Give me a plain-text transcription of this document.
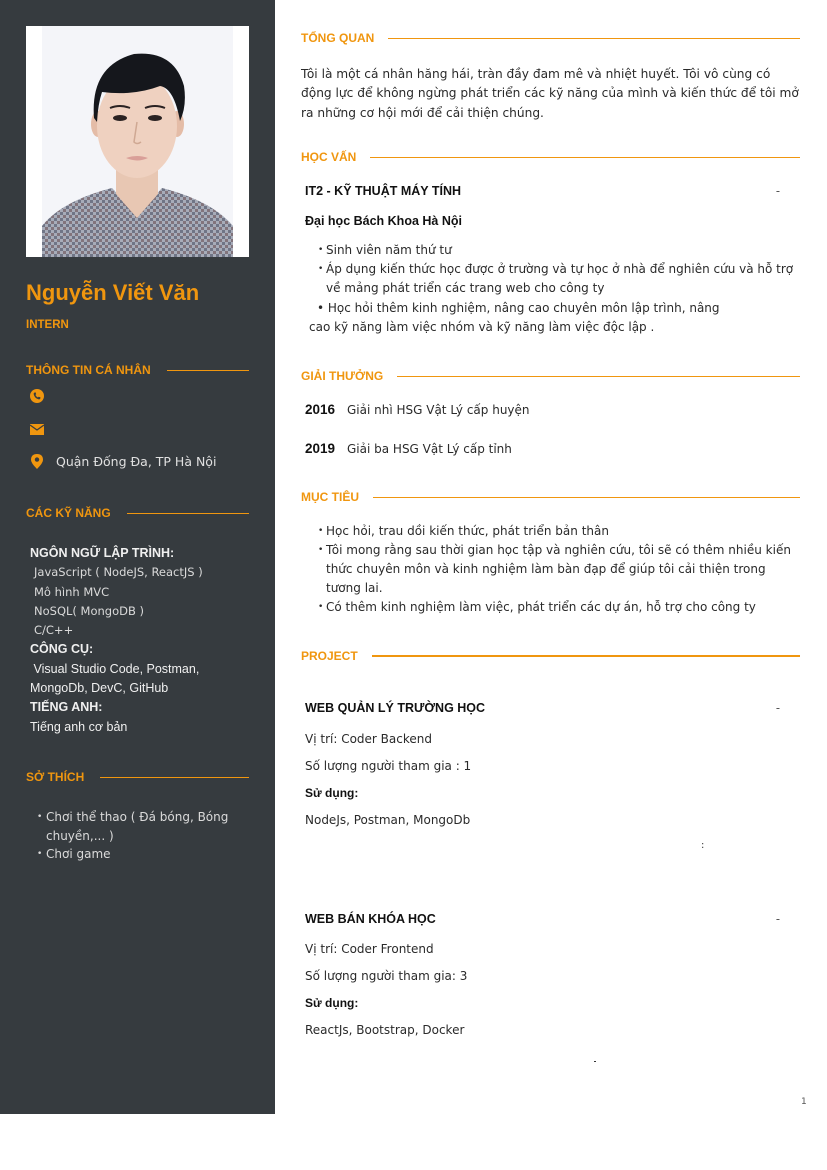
Nguyễn Viết Văn
INTERN
THÔNG TIN CÁ NHÂN
Quận Đống Đa, TP Hà Nội
CÁC KỸ NĂNG
NGÔN NGỮ LẬP TRÌNH:
JavaScript ( NodeJS, ReactJS )
Mô hình MVC
NoSQL( MongoDB )
C/C++
CÔNG CỤ:
Visual Studio Code, Postman,
MongoDb, DevC, GitHub
TIẾNG ANH:
Tiếng anh cơ bản
SỞ THÍCH
• Chơi thể thao ( Đá bóng, Bóng chuyền,... )
• Chơi game
TỔNG QUAN
Tôi là một cá nhân hăng hái, tràn đầy đam mê và nhiệt huyết. Tôi vô cùng có động lực để không ngừng phát triển các kỹ năng của mình và kiến thức để tôi mở ra những cơ hội mới để cải thiện chúng.
HỌC VẤN
IT2 - KỸ THUẬT MÁY TÍNH	-
Đại học Bách Khoa Hà Nội
• Sinh viên năm thứ tư
• Áp dụng kiến thức học được ở trường và tự học ở nhà để nghiên cứu và hỗ trợ về mảng phát triển các trang web cho công ty
• Học hỏi thêm kinh nghiệm, nâng cao chuyên môn lập trình, nâng
cao kỹ năng làm việc nhóm và kỹ năng làm việc độc lập .
GIẢI THƯỞNG
2016 Giải nhì HSG Vật Lý cấp huyện
2019 Giải ba HSG Vật Lý cấp tỉnh
MỤC TIÊU
• Học hỏi, trau dồi kiến thức, phát triển bản thân
• Tôi mong rằng sau thời gian học tập và nghiên cứu, tôi sẽ có thêm nhiều kiến thức chuyên môn và kinh nghiệm làm bàn đạp để giúp tôi cải thiện trong tương lai.
• Có thêm kinh nghiệm làm việc, phát triển các dự án, hỗ trợ cho công ty
PROJECT
WEB QUẢN LÝ TRƯỜNG HỌC	-
Vị trí: Coder Backend
Số lượng người tham gia : 1
Sử dụng:
NodeJs, Postman, MongoDb
:
WEB BÁN KHÓA HỌC	-
Vị trí: Coder Frontend
Số lượng người tham gia: 3
Sử dụng:
ReactJs, Bootstrap, Docker
1
